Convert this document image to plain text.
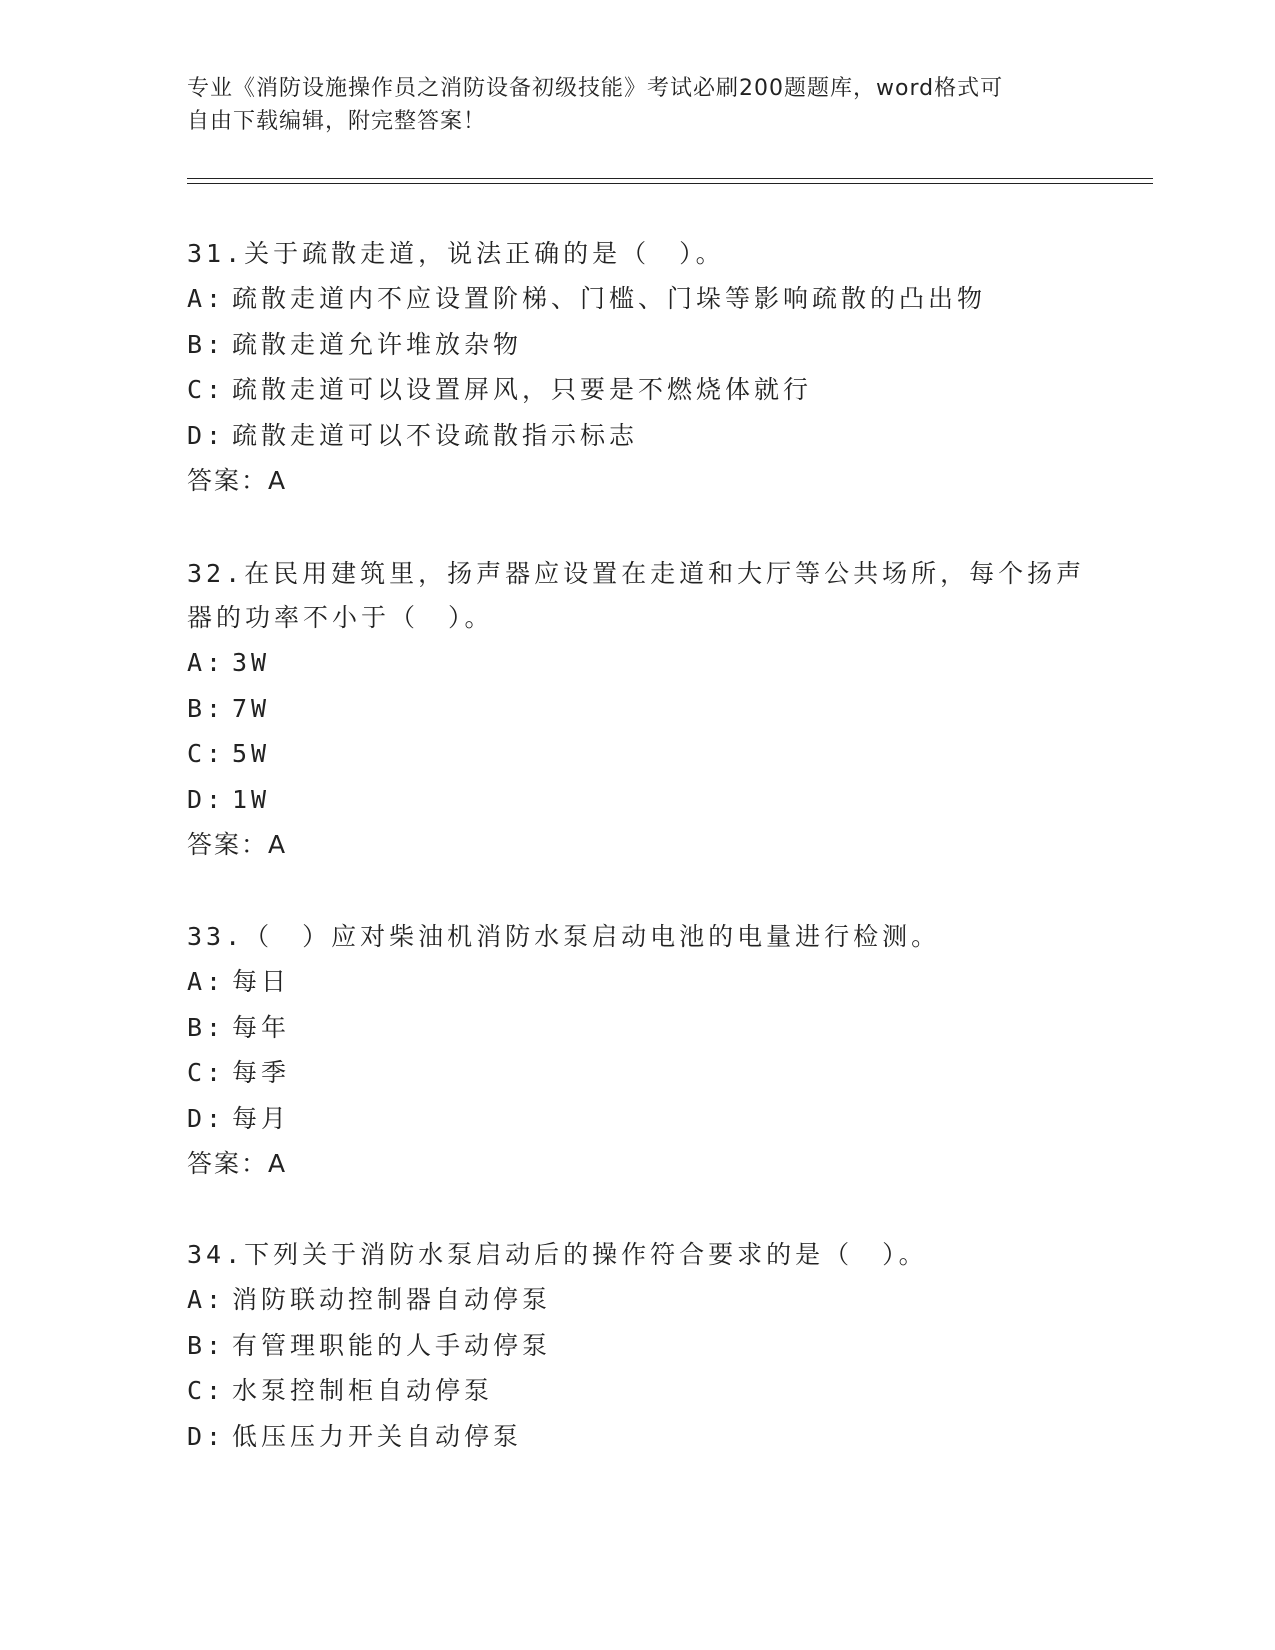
专业《消防设施操作员之消防设备初级技能》考试必刷200题题库，word格式可
自由下载编辑，附完整答案！

31.关于疏散走道，说法正确的是（　）。

A: 疏散走道内不应设置阶梯、门槛、门垛等影响疏散的凸出物

B: 疏散走道允许堆放杂物

C: 疏散走道可以设置屏风，只要是不燃烧体就行

D: 疏散走道可以不设疏散指示标志

答案：A

32.在民用建筑里，扬声器应设置在走道和大厅等公共场所，每个扬声器的功率不小于（　）。

A: 3W

B: 7W

C: 5W

D: 1W

答案：A

33.（　）应对柴油机消防水泵启动电池的电量进行检测。

A: 每日

B: 每年

C: 每季

D: 每月

答案：A

34.下列关于消防水泵启动后的操作符合要求的是（　）。

A: 消防联动控制器自动停泵

B: 有管理职能的人手动停泵

C: 水泵控制柜自动停泵

D: 低压压力开关自动停泵
